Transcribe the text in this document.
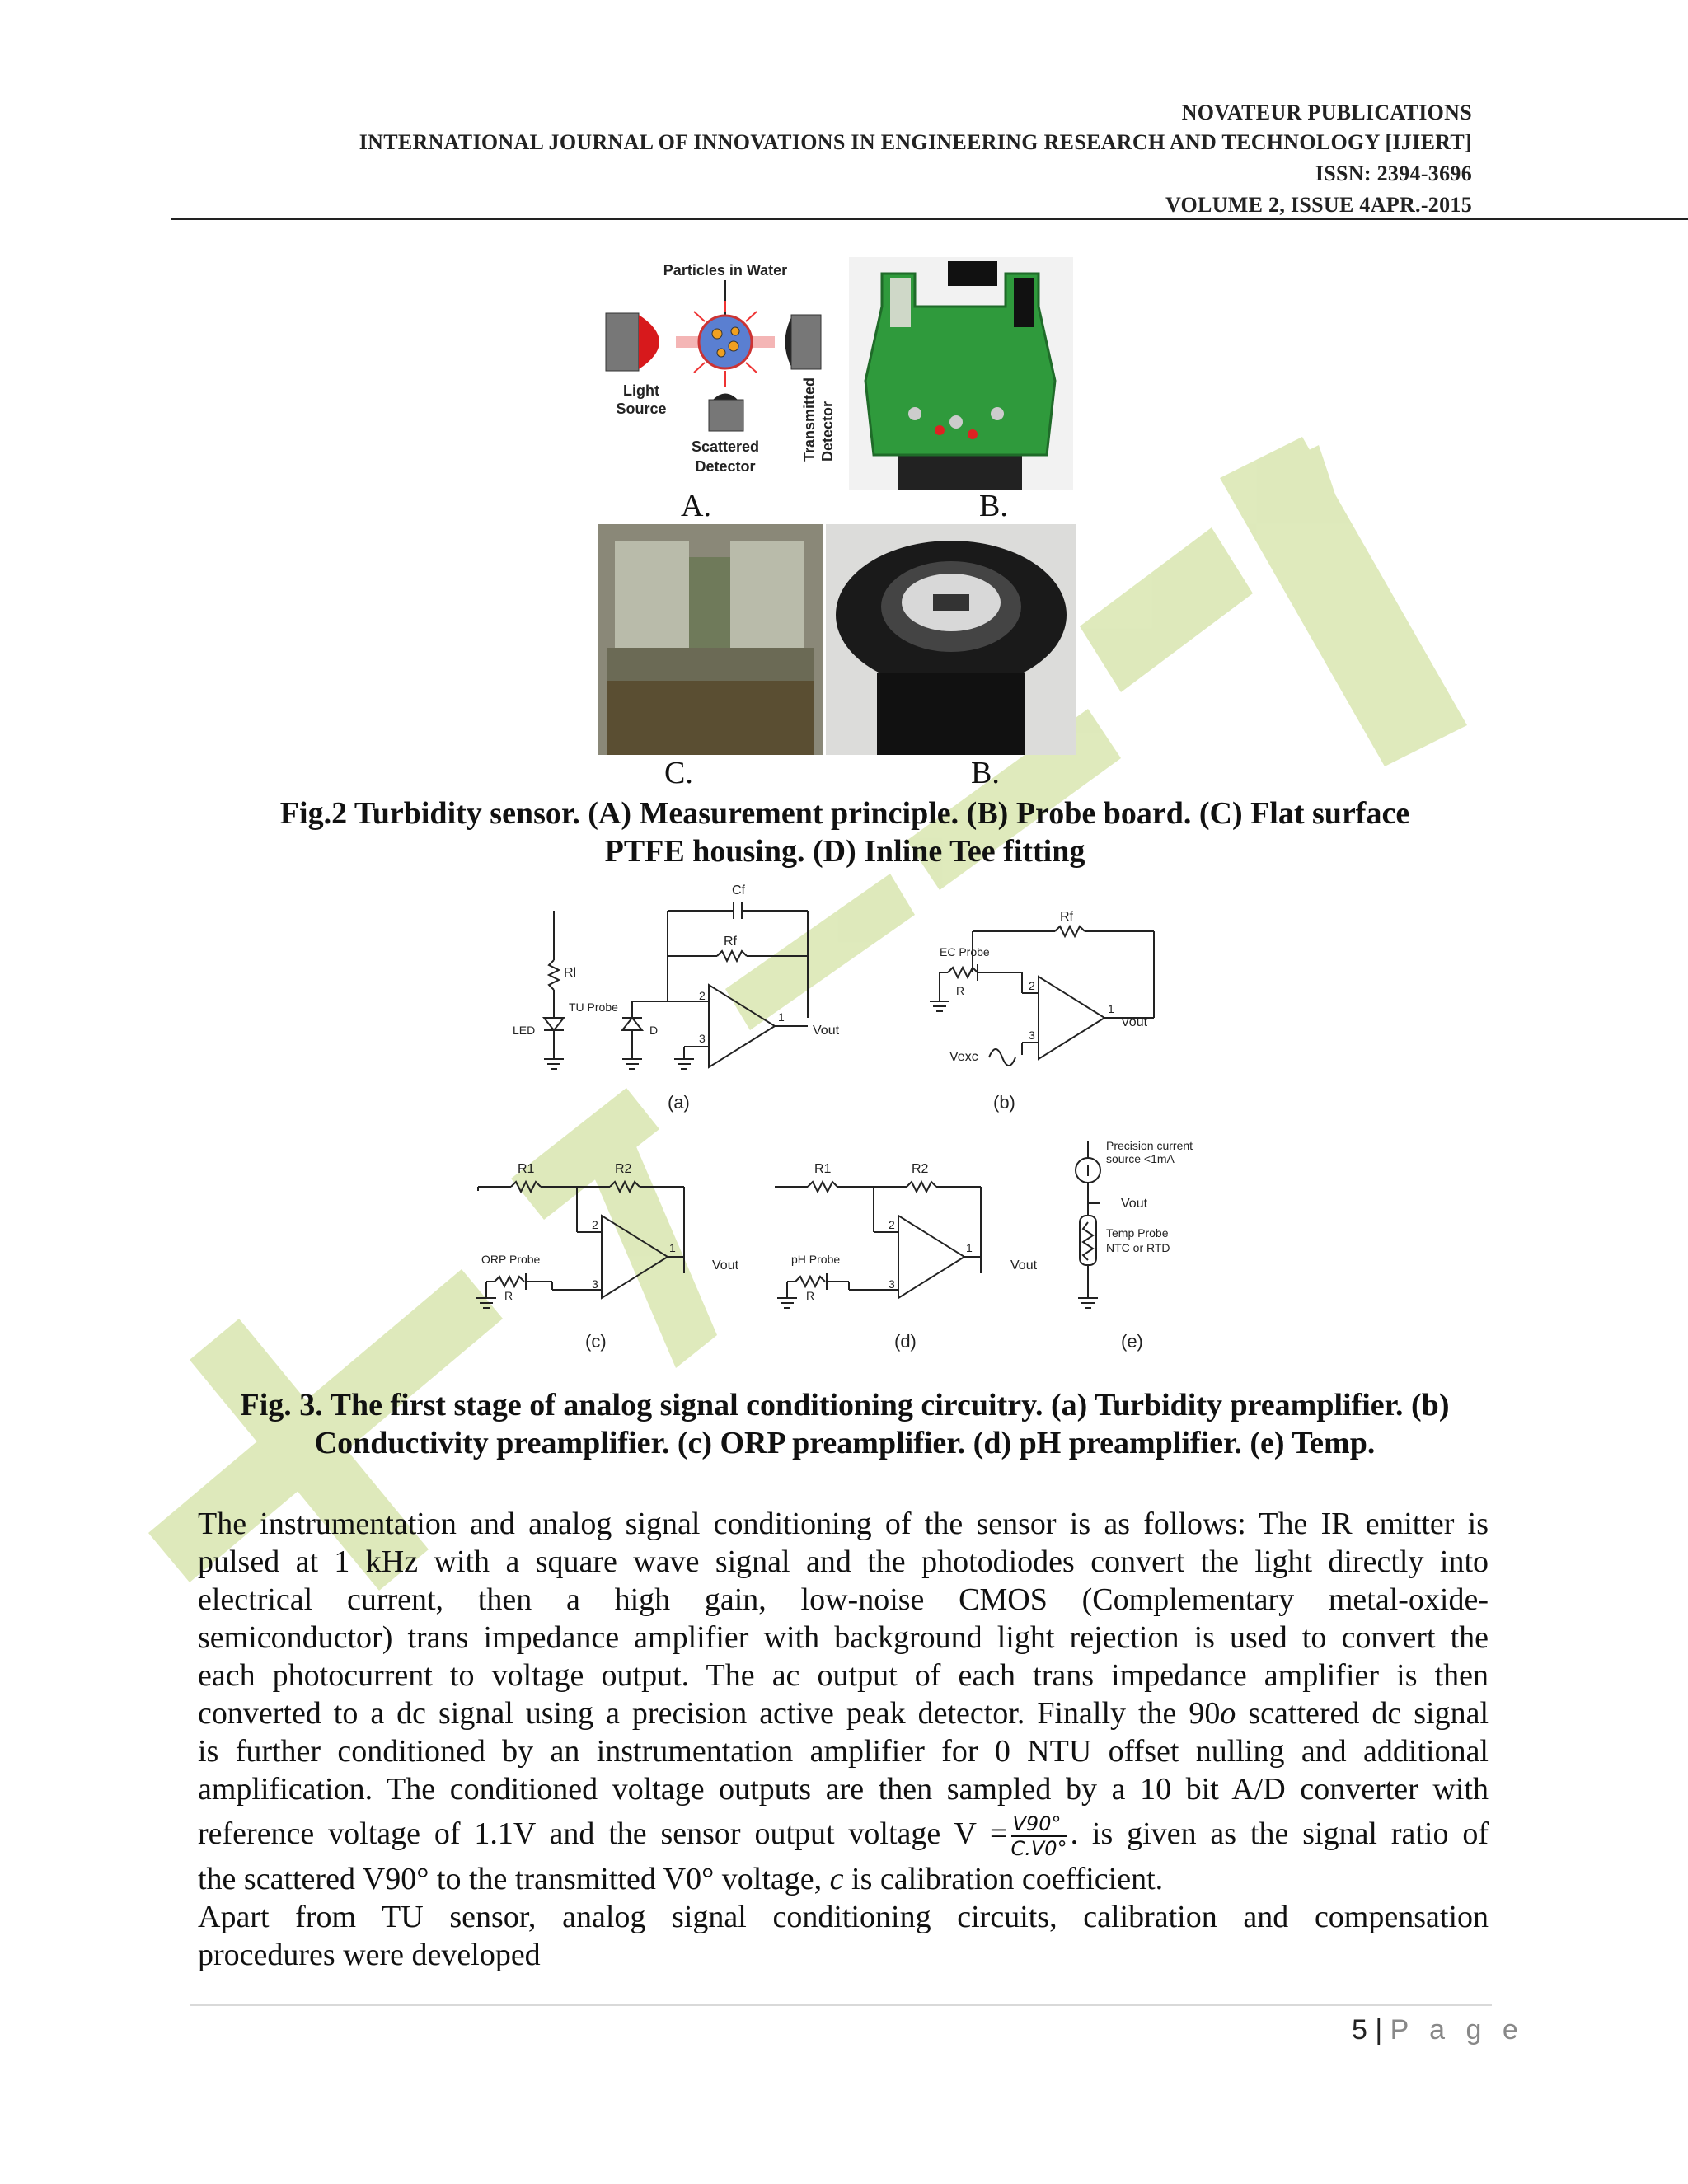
NOVATEUR PUBLICATIONS
INTERNATIONAL JOURNAL OF INNOVATIONS IN ENGINEERING RESEARCH AND TECHNOLOGY [IJIERT]
ISSN: 2394-3696
VOLUME 2, ISSUE 4APR.-2015
Particles in Water
Light
Source
Scattered
Detector
Transmitted Detector
A.	B.
C.	B.
Fig.2 Turbidity sensor. (A) Measurement principle. (B) Probe board. (C) Flat surface
PTFE housing. (D) Inline Tee fitting
Cf
Rf
Rl
TU Probe
LED	D
2
3
1
Vout
(a)
Rf
EC Probe
R
Vexc
2
3
1
Vout
(b)
R1	R2
ORP Probe
R
2
3
1
Vout
(c)
R1	R2
pH Probe
R
2
3
1
Vout
(d)
Precision current
source <1mA
Vout
Temp Probe
NTC or RTD
(e)
Fig. 3. The first stage of analog signal conditioning circuitry. (a) Turbidity preamplifier. (b)
Conductivity preamplifier. (c) ORP preamplifier. (d) pH preamplifier. (e) Temp.
The instrumentation and analog signal conditioning of the sensor is as follows: The IR emitter is
pulsed at 1 kHz with a square wave signal and the photodiodes convert the light directly into
electrical current, then a high gain, low-noise CMOS (Complementary metal-oxide-
semiconductor) trans impedance amplifier with background light rejection is used to convert the
each photocurrent to voltage output. The ac output of each trans impedance amplifier is then
converted to a dc signal using a precision active peak detector. Finally the 90o scattered dc signal
is further conditioned by an instrumentation amplifier for 0 NTU offset nulling and additional
amplification. The conditioned voltage outputs are then sampled by a 10 bit A/D converter with
reference voltage of 1.1V and the sensor output voltage $V = \frac{V90^\circ}{C.V0^\circ}$ . is given as the signal ratio of
the scattered V90° to the transmitted V0° voltage, c is calibration coefficient.
Apart from TU sensor, analog signal conditioning circuits, calibration and compensation
procedures were developed
5 | P a g e
